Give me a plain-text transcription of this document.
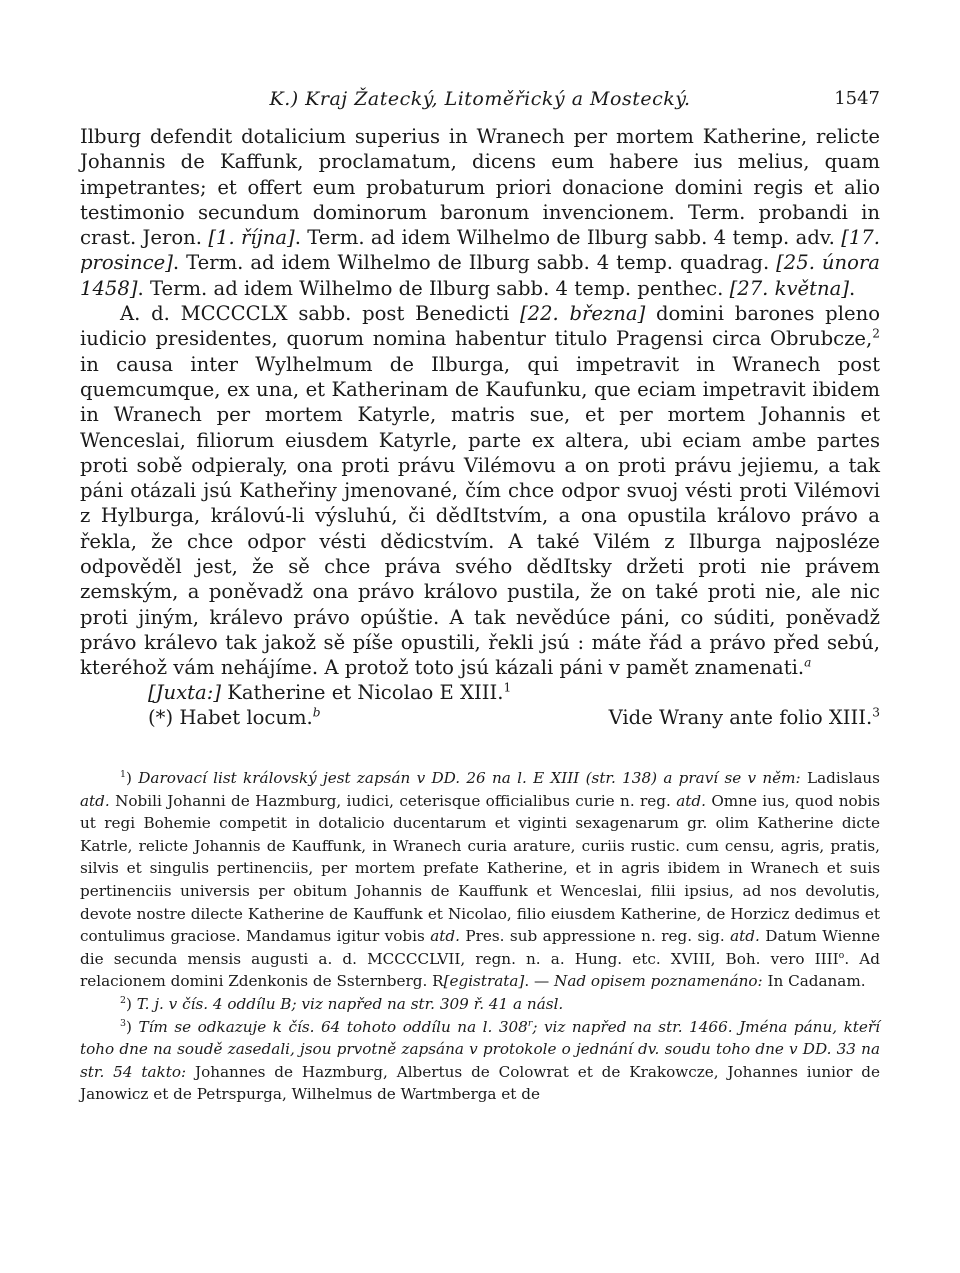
K.) Kraj Žatecký, Litoměřický a Mostecký.	1547

Ilburg defendit dotalicium superius in Wranech per mortem Katherine, relicte Johannis de Kaffunk, proclamatum, dicens eum habere ius melius, quam impetrantes; et offert eum probaturum priori donacione domini regis et alio testimonio secundum dominorum baronum invencionem. Term. probandi in crast. Jeron. [1. října]. Term. ad idem Wilhelmo de Ilburg sabb. 4 temp. adv. [17. prosince]. Term. ad idem Wilhelmo de Ilburg sabb. 4 temp. quadrag. [25. února 1458]. Term. ad idem Wilhelmo de Ilburg sabb. 4 temp. penthec. [27. května].

A. d. MCCCCLX sabb. post Benedicti [22. března] domini barones pleno iudicio presidentes, quorum nomina habentur titulo Pragensi circa Obrubcze,$^2$ in causa inter Wylhelmum de Ilburga, qui impetravit in Wranech post quemcumque, ex una, et Katherinam de Kaufunku, que eciam impetravit ibidem in Wranech per mortem Katyrle, matris sue, et per mortem Johannis et Wenceslai, filiorum eiusdem Katyrle, parte ex altera, ubi eciam ambe partes proti sobě odpieraly, ona proti právu Vilémovu a on proti právu jejiemu, a tak páni otázali jsú Katheřiny jmenované, čím chce odpor svuoj vésti proti Vilémovi z Hylburga, královú-li výsluhú, či dědItstvím, a ona opustila královo právo a řekla, že chce odpor vésti dědicstvím. A také Vilém z Ilburga najposléze odpověděl jest, že sě chce práva svého dědItsky držeti proti nie právem zemským, a poněvadž ona právo královo pustila, že on také proti nie, ale nic proti jiným, králevo právo opúštie. A tak nevědúce páni, co súditi, poněvadž právo králevo tak jakož sě píše opustili, řekli jsú : máte řád a právo před sebú, kteréhož vám nehájíme. A protož toto jsú kázali páni v pamět znamenati.$^a$

[Juxta:] Katherine et Nicolao E XIII.$^1$

(*) Habet locum.$^b$	Vide Wrany ante folio XIII.$^3$

$^1$) Darovací list královský jest zapsán v DD. 26 na l. E XIII (str. 138) a praví se v něm: Ladislaus atd. Nobili Johanni de Hazmburg, iudici, ceterisque officialibus curie n. reg. atd. Omne ius, quod nobis ut regi Bohemie competit in dotalicio ducentarum et viginti sexagenarum gr. olim Katherine dicte Katrle, relicte Johannis de Kauffunk, in Wranech curia arature, curiis rustic. cum censu, agris, pratis, silvis et singulis pertinenciis, per mortem prefate Katherine, et in agris ibidem in Wranech et suis pertinenciis universis per obitum Johannis de Kauffunk et Wenceslai, filii ipsius, ad nos devolutis, devote nostre dilecte Katherine de Kauffunk et Nicolao, filio eiusdem Katherine, de Horzicz dedimus et contulimus graciose. Mandamus igitur vobis atd. Pres. sub appressione n. reg. sig. atd. Datum Wienne die secunda mensis augusti a. d. MCCCCLVII, regn. n. a. Hung. etc. XVIII, Boh. vero IIII$^o$. Ad relacionem domini Zdenkonis de Ssternberg. R[egistrata]. — Nad opisem poznamenáno: In Cadanam.

$^2$) T. j. v čís. 4 oddílu B; viz napřed na str. 309 ř. 41 a násl.

$^3$) Tím se odkazuje k čís. 64 tohoto oddílu na l. 308$^r$; viz napřed na str. 1466. Jména pánu, kteří toho dne na soudě zasedali, jsou prvotně zapsána v protokole o jednání dv. soudu toho dne v DD. 33 na str. 54 takto: Johannes de Hazmburg, Albertus de Colowrat et de Krakowcze, Johannes iunior de Janowicz et de Petrspurga, Wilhelmus de Wartmberga et de
